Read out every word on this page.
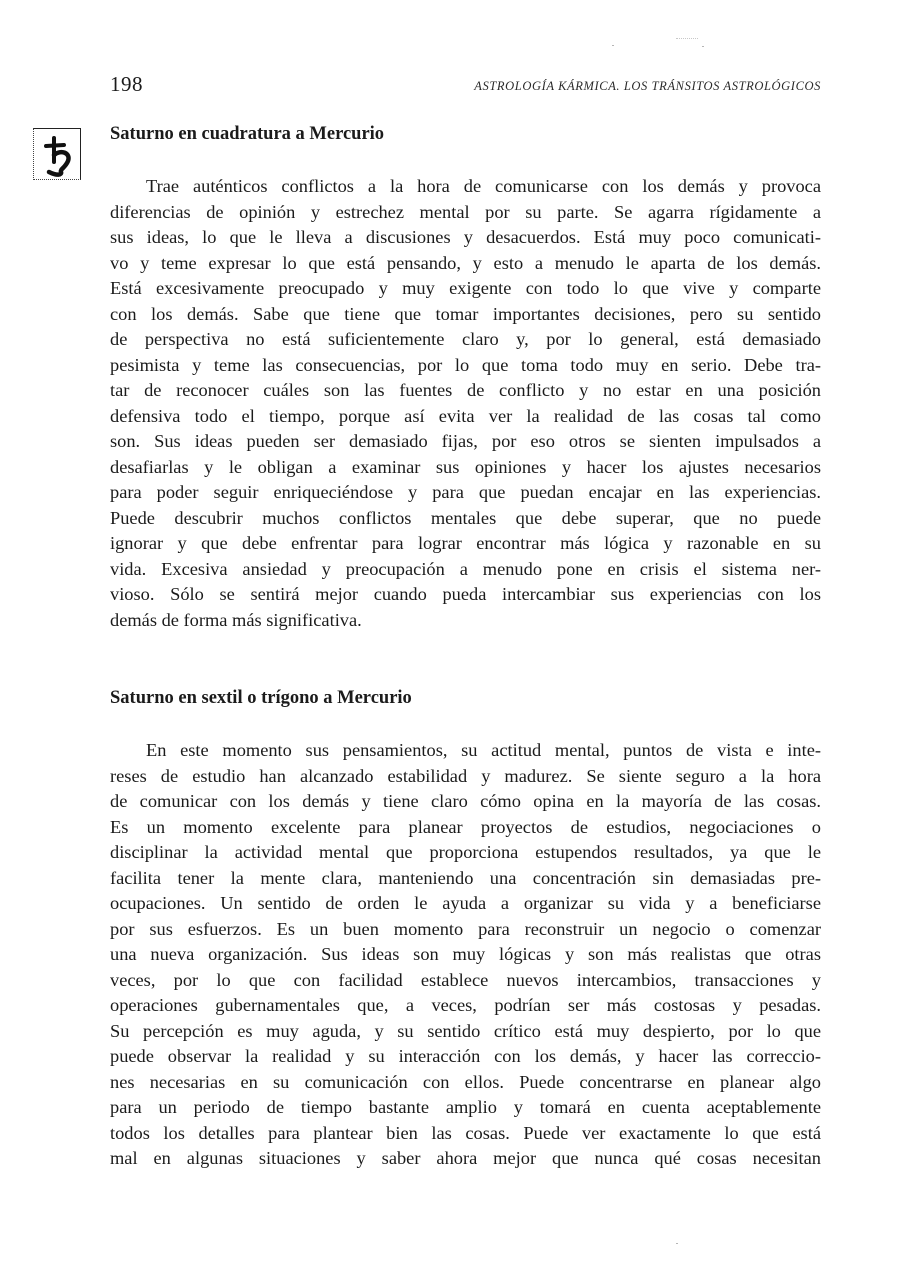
198	ASTROLOGÍA KÁRMICA. LOS TRÁNSITOS ASTROLÓGICOS
Saturno en cuadratura a Mercurio
Trae auténticos conflictos a la hora de comunicarse con los demás y provoca
diferencias de opinión y estrechez mental por su parte. Se agarra rígidamente a
sus ideas, lo que le lleva a discusiones y desacuerdos. Está muy poco comunicati-
vo y teme expresar lo que está pensando, y esto a menudo le aparta de los demás.
Está excesivamente preocupado y muy exigente con todo lo que vive y comparte
con los demás. Sabe que tiene que tomar importantes decisiones, pero su sentido
de perspectiva no está suficientemente claro y, por lo general, está demasiado
pesimista y teme las consecuencias, por lo que toma todo muy en serio. Debe tra-
tar de reconocer cuáles son las fuentes de conflicto y no estar en una posición
defensiva todo el tiempo, porque así evita ver la realidad de las cosas tal como
son. Sus ideas pueden ser demasiado fijas, por eso otros se sienten impulsados a
desafiarlas y le obligan a examinar sus opiniones y hacer los ajustes necesarios
para poder seguir enriqueciéndose y para que puedan encajar en las experiencias.
Puede descubrir muchos conflictos mentales que debe superar, que no puede
ignorar y que debe enfrentar para lograr encontrar más lógica y razonable en su
vida. Excesiva ansiedad y preocupación a menudo pone en crisis el sistema ner-
vioso. Sólo se sentirá mejor cuando pueda intercambiar sus experiencias con los
demás de forma más significativa.
Saturno en sextil o trígono a Mercurio
En este momento sus pensamientos, su actitud mental, puntos de vista e inte-
reses de estudio han alcanzado estabilidad y madurez. Se siente seguro a la hora
de comunicar con los demás y tiene claro cómo opina en la mayoría de las cosas.
Es un momento excelente para planear proyectos de estudios, negociaciones o
disciplinar la actividad mental que proporciona estupendos resultados, ya que le
facilita tener la mente clara, manteniendo una concentración sin demasiadas pre-
ocupaciones. Un sentido de orden le ayuda a organizar su vida y a beneficiarse
por sus esfuerzos. Es un buen momento para reconstruir un negocio o comenzar
una nueva organización. Sus ideas son muy lógicas y son más realistas que otras
veces, por lo que con facilidad establece nuevos intercambios, transacciones y
operaciones gubernamentales que, a veces, podrían ser más costosas y pesadas.
Su percepción es muy aguda, y su sentido crítico está muy despierto, por lo que
puede observar la realidad y su interacción con los demás, y hacer las correccio-
nes necesarias en su comunicación con ellos. Puede concentrarse en planear algo
para un periodo de tiempo bastante amplio y tomará en cuenta aceptablemente
todos los detalles para plantear bien las cosas. Puede ver exactamente lo que está
mal en algunas situaciones y saber ahora mejor que nunca qué cosas necesitan
